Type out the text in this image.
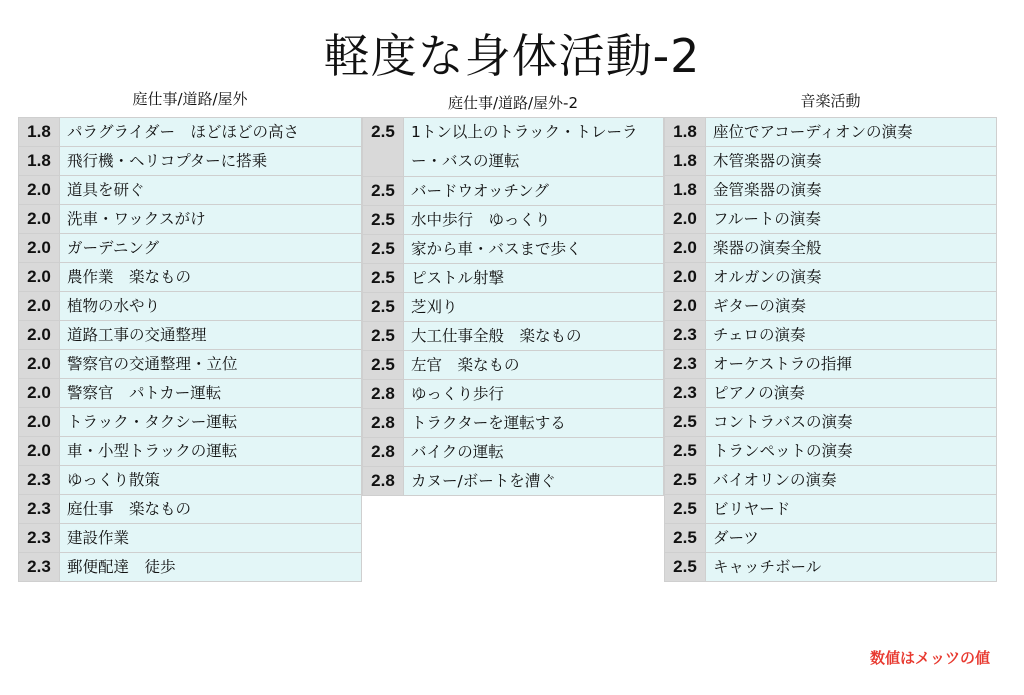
軽度な身体活動-2
庭仕事/道路/屋外
1.8	パラグライダー　ほどほどの高さ
1.8	飛行機・ヘリコプターに搭乗
2.0	道具を研ぐ
2.0	洗車・ワックスがけ
2.0	ガーデニング
2.0	農作業　楽なもの
2.0	植物の水やり
2.0	道路工事の交通整理
2.0	警察官の交通整理・立位
2.0	警察官　パトカー運転
2.0	トラック・タクシー運転
2.0	車・小型トラックの運転
2.3	ゆっくり散策
2.3	庭仕事　楽なもの
2.3	建設作業
2.3	郵便配達　徒歩
庭仕事/道路/屋外-2
2.5	1トン以上のトラック・トレーラー・バスの運転
2.5	バードウオッチング
2.5	水中歩行　ゆっくり
2.5	家から車・バスまで歩く
2.5	ピストル射撃
2.5	芝刈り
2.5	大工仕事全般　楽なもの
2.5	左官　楽なもの
2.8	ゆっくり歩行
2.8	トラクターを運転する
2.8	バイクの運転
2.8	カヌー/ボートを漕ぐ
音楽活動
1.8	座位でアコーディオンの演奏
1.8	木管楽器の演奏
1.8	金管楽器の演奏
2.0	フルートの演奏
2.0	楽器の演奏全般
2.0	オルガンの演奏
2.0	ギターの演奏
2.3	チェロの演奏
2.3	オーケストラの指揮
2.3	ピアノの演奏
2.5	コントラバスの演奏
2.5	トランペットの演奏
2.5	バイオリンの演奏
2.5	ビリヤード
2.5	ダーツ
2.5	キャッチボール
数値はメッツの値
